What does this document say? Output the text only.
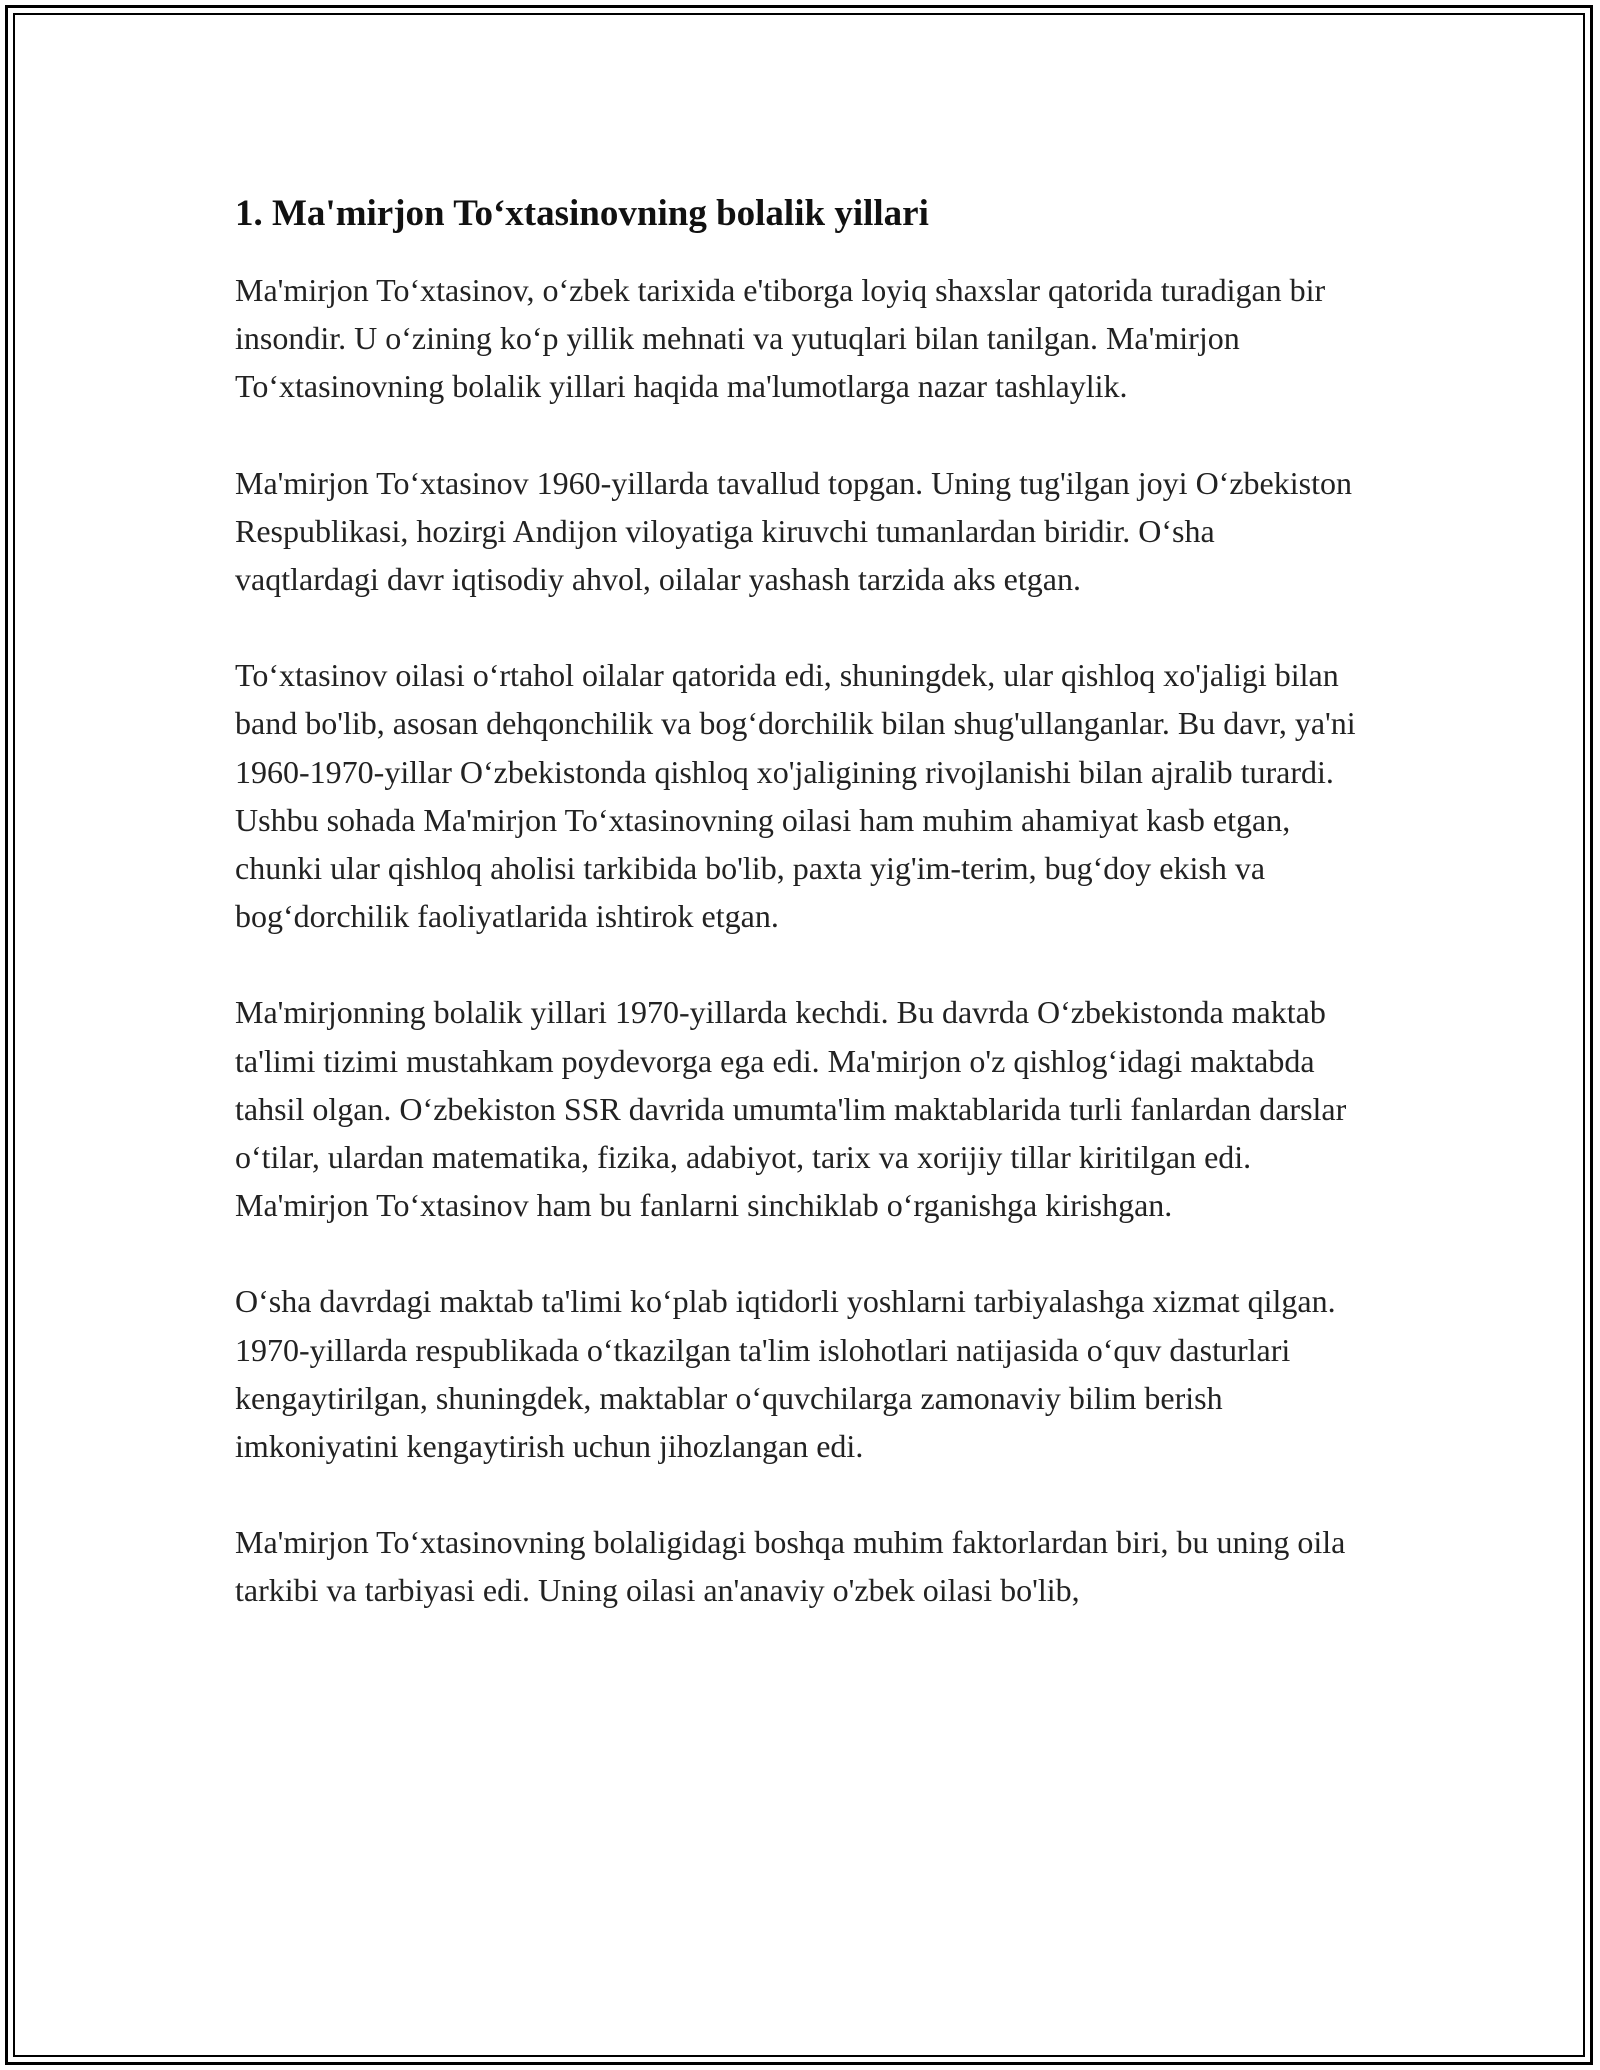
1. Ma'mirjon To‘xtasinovning bolalik yillari

Ma'mirjon To‘xtasinov, o‘zbek tarixida e'tiborga loyiq shaxslar qatorida turadigan bir insondir. U o‘zining ko‘p yillik mehnati va yutuqlari bilan tanilgan. Ma'mirjon To‘xtasinovning bolalik yillari haqida ma'lumotlarga nazar tashlaylik.

Ma'mirjon To‘xtasinov 1960-yillarda tavallud topgan. Uning tug'ilgan joyi O‘zbekiston Respublikasi, hozirgi Andijon viloyatiga kiruvchi tumanlardan biridir. O‘sha vaqtlardagi davr iqtisodiy ahvol, oilalar yashash tarzida aks etgan.

To‘xtasinov oilasi o‘rtahol oilalar qatorida edi, shuningdek, ular qishloq xo'jaligi bilan band bo'lib, asosan dehqonchilik va bog‘dorchilik bilan shug'ullanganlar. Bu davr, ya'ni 1960-1970-yillar O‘zbekistonda qishloq xo'jaligining rivojlanishi bilan ajralib turardi. Ushbu sohada Ma'mirjon To‘xtasinovning oilasi ham muhim ahamiyat kasb etgan, chunki ular qishloq aholisi tarkibida bo'lib, paxta yig'im-terim, bug‘doy ekish va bog‘dorchilik faoliyatlarida ishtirok etgan.

Ma'mirjonning bolalik yillari 1970-yillarda kechdi. Bu davrda O‘zbekistonda maktab ta'limi tizimi mustahkam poydevorga ega edi. Ma'mirjon o'z qishlog‘idagi maktabda tahsil olgan. O‘zbekiston SSR davrida umumta'lim maktablarida turli fanlardan darslar o‘tilar, ulardan matematika, fizika, adabiyot, tarix va xorijiy tillar kiritilgan edi. Ma'mirjon To‘xtasinov ham bu fanlarni sinchiklab o‘rganishga kirishgan.

O‘sha davrdagi maktab ta'limi ko‘plab iqtidorli yoshlarni tarbiyalashga xizmat qilgan. 1970-yillarda respublikada o‘tkazilgan ta'lim islohotlari natijasida o‘quv dasturlari kengaytirilgan, shuningdek, maktablar o‘quvchilarga zamonaviy bilim berish imkoniyatini kengaytirish uchun jihozlangan edi.

Ma'mirjon To‘xtasinovning bolaligidagi boshqa muhim faktorlardan biri, bu uning oila tarkibi va tarbiyasi edi. Uning oilasi an'anaviy o'zbek oilasi bo'lib,
